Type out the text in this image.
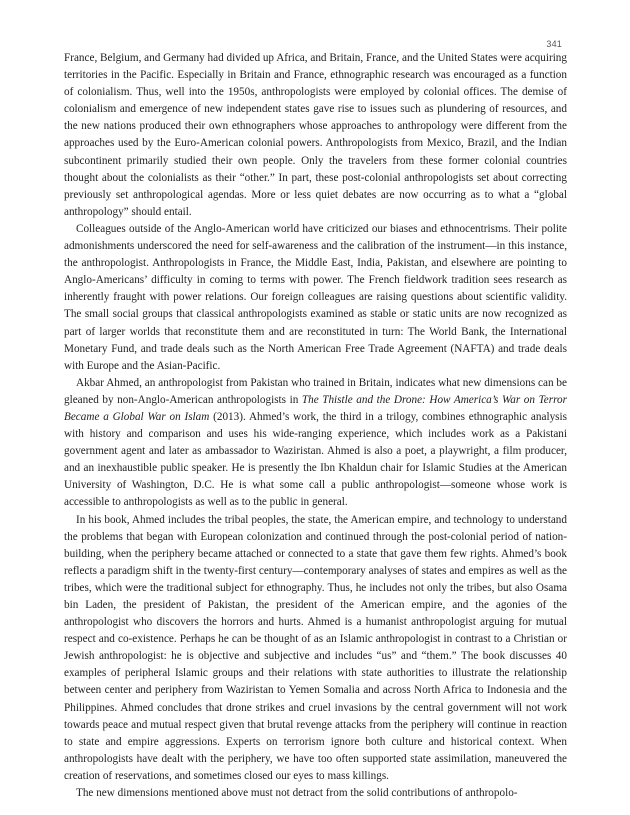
341

France, Belgium, and Germany had divided up Africa, and Britain, France, and the United States were acquiring territories in the Pacific. Especially in Britain and France, ethnographic research was encouraged as a function of colonialism. Thus, well into the 1950s, anthropologists were employed by colonial offices. The demise of colonialism and emergence of new independent states gave rise to issues such as plundering of resources, and the new nations produced their own ethnographers whose approaches to anthropology were different from the approaches used by the Euro-American colonial powers. Anthropologists from Mexico, Brazil, and the Indian subcontinent primarily studied their own people. Only the travelers from these former colonial countries thought about the colonialists as their “other.” In part, these post-colonial anthropologists set about correcting previously set anthropological agendas. More or less quiet debates are now occurring as to what a “global anthropology” should entail.

Colleagues outside of the Anglo-American world have criticized our biases and ethnocentrisms. Their polite admonishments underscored the need for self-awareness and the calibration of the instrument—in this instance, the anthropologist. Anthropologists in France, the Middle East, India, Pakistan, and elsewhere are pointing to Anglo-Americans’ difficulty in coming to terms with power. The French fieldwork tradition sees research as inherently fraught with power relations. Our foreign colleagues are raising questions about scientific validity. The small social groups that classical anthropologists examined as stable or static units are now recognized as part of larger worlds that reconstitute them and are reconstituted in turn: The World Bank, the International Monetary Fund, and trade deals such as the North American Free Trade Agreement (NAFTA) and trade deals with Europe and the Asian-Pacific.

Akbar Ahmed, an anthropologist from Pakistan who trained in Britain, indicates what new dimensions can be gleaned by non-Anglo-American anthropologists in The Thistle and the Drone: How America’s War on Terror Became a Global War on Islam (2013). Ahmed’s work, the third in a trilogy, combines ethnographic analysis with history and comparison and uses his wide-ranging experience, which includes work as a Pakistani government agent and later as ambassador to Waziristan. Ahmed is also a poet, a playwright, a film producer, and an inexhaustible public speaker. He is presently the Ibn Khaldun chair for Islamic Studies at the American University of Washington, D.C. He is what some call a public anthropologist—someone whose work is accessible to anthropologists as well as to the public in general.

In his book, Ahmed includes the tribal peoples, the state, the American empire, and technology to understand the problems that began with European colonization and continued through the post-colonial period of nation-building, when the periphery became attached or connected to a state that gave them few rights. Ahmed’s book reflects a paradigm shift in the twenty-first century—contemporary analyses of states and empires as well as the tribes, which were the traditional subject for ethnography. Thus, he includes not only the tribes, but also Osama bin Laden, the president of Pakistan, the president of the American empire, and the agonies of the anthropologist who discovers the horrors and hurts. Ahmed is a humanist anthropologist arguing for mutual respect and co-existence. Perhaps he can be thought of as an Islamic anthropologist in contrast to a Christian or Jewish anthropologist: he is objective and subjective and includes “us” and “them.” The book discusses 40 examples of peripheral Islamic groups and their relations with state authorities to illustrate the relationship between center and periphery from Waziristan to Yemen Somalia and across North Africa to Indonesia and the Philippines. Ahmed concludes that drone strikes and cruel invasions by the central government will not work towards peace and mutual respect given that brutal revenge attacks from the periphery will continue in reaction to state and empire aggressions. Experts on terrorism ignore both culture and historical context. When anthropologists have dealt with the periphery, we have too often supported state assimilation, maneuvered the creation of reservations, and sometimes closed our eyes to mass killings.

The new dimensions mentioned above must not detract from the solid contributions of anthropolo-
